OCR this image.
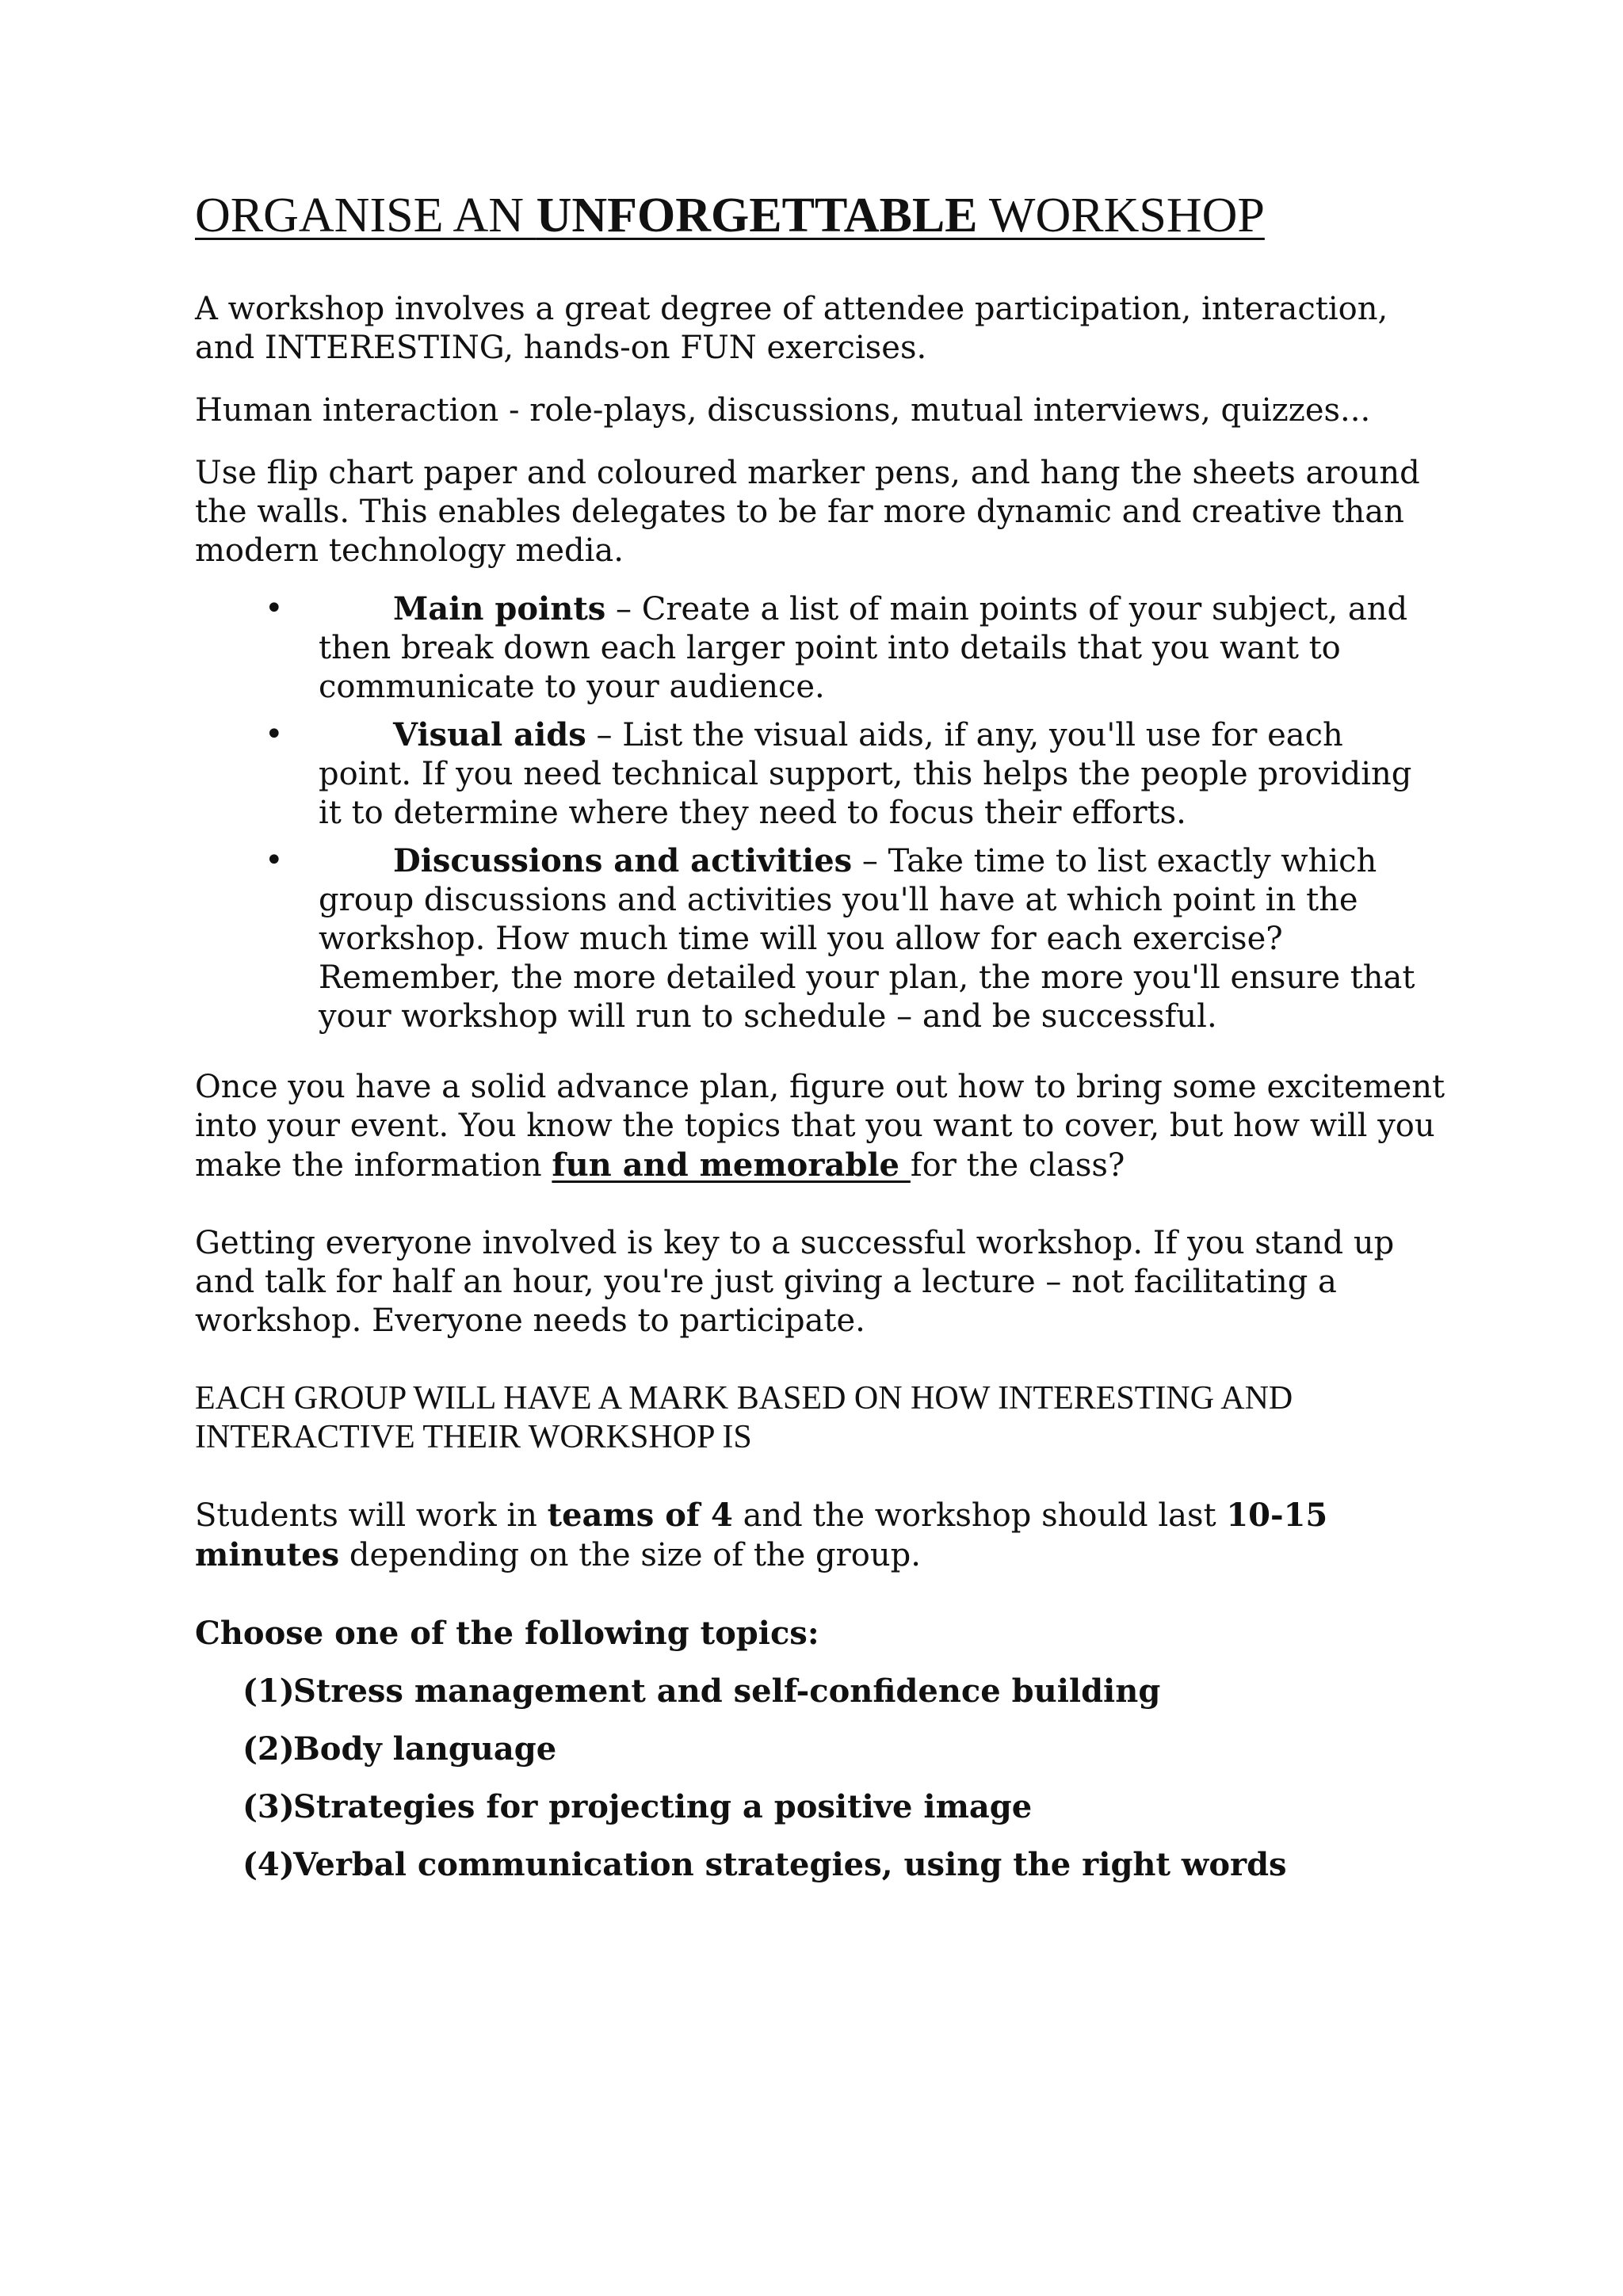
ORGANISE AN UNFORGETTABLE WORKSHOP

A workshop involves a great degree of attendee participation, interaction, and INTERESTING, hands-on FUN exercises.

Human interaction - role-plays, discussions, mutual interviews, quizzes...

Use flip chart paper and coloured marker pens, and hang the sheets around the walls. This enables delegates to be far more dynamic and creative than modern technology media.

•	Main points – Create a list of main points of your subject, and then break down each larger point into details that you want to communicate to your audience.
•	Visual aids – List the visual aids, if any, you'll use for each point. If you need technical support, this helps the people providing it to determine where they need to focus their efforts.
•	Discussions and activities – Take time to list exactly which group discussions and activities you'll have at which point in the workshop. How much time will you allow for each exercise? Remember, the more detailed your plan, the more you'll ensure that your workshop will run to schedule – and be successful.

Once you have a solid advance plan, figure out how to bring some excitement into your event. You know the topics that you want to cover, but how will you make the information fun and memorable for the class?

Getting everyone involved is key to a successful workshop. If you stand up and talk for half an hour, you're just giving a lecture – not facilitating a workshop. Everyone needs to participate.

EACH GROUP WILL HAVE A MARK BASED ON HOW INTERESTING AND INTERACTIVE THEIR WORKSHOP IS

Students will work in teams of 4 and the workshop should last 10-15 minutes depending on the size of the group.

Choose one of the following topics:

(1)
Stress management and self-confidence building
(2)
Body language
(3)
Strategies for projecting a positive image
(4)
Verbal communication strategies, using the right words
